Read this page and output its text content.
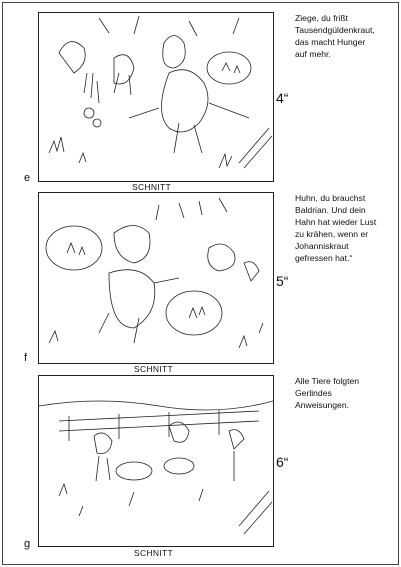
e
SCHNITT
4“
Ziege, du frißt
Tausendgüldenkraut,
das macht Hunger
auf mehr.
f
SCHNITT
5“
Huhn, du brauchst
Baldrian. Und dein
Hahn hat wieder Lust
zu krähen, wenn er
Johanniskraut
gefressen hat.“
g
SCHNITT
6“
Alle Tiere folgten
Gerlindes
Anweisungen.
